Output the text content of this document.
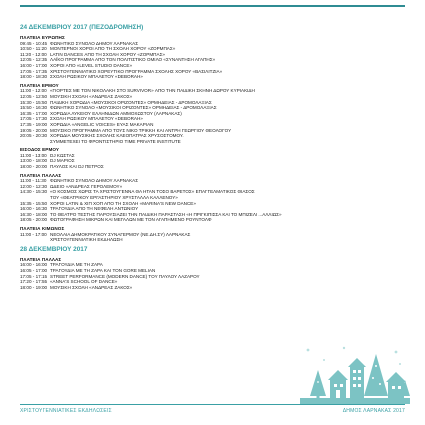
24 ΔΕΚΕΜΒΡΙΟΥ 2017 (ΠΕΖΟΔΡΟΜΗΣΗ)
ΠΛΑΤΕΙΑ ΕΥΡΩΠΗΣ
09:45 - 10:45 ΦΩΝΗΤΙΚΟ ΣΥΝΟΛΟ ΔΗΜΟΥ ΛΑΡΝΑΚΑΣ
10:50 - 11:20 ΜΟΝΤΕΡΝΟΙ ΧΟΡΟΙ ΑΠΟ ΤΗ ΣΧΟΛΗ ΧΟΡΟΥ «ΖΟΡΜΠΑΣ»
11:20 - 12:00 LATIN DANCES ΑΠΟ ΤΗ ΣΧΟΛΗ ΧΟΡΟΥ «ΖΟΡΜΠΑΣ»
12:05 - 12:35 ΛΑΪΚΟ ΠΡΟΓΡΑΜΜΑ ΑΠΟ ΤΟΝ ΠΟΛΙΤΙΣΤΙΚΟ ΟΜΙΛΟ «ΣΥΝΑΝΤΗΣΗ ΑΓΑΠΗΣ»
16:00 - 17:00 ΧΟΡΟΙ ΑΠΟ «LEVEL STUDIO DANCE»
17:05 - 17:35 ΧΡΙΣΤΟΥΓΕΝΝΙΑΤΙΚΟ ΧΟΡΕΥΤΙΚΟ ΠΡΟΓΡΑΜΜΑ ΣΧΟΛΗΣ ΧΟΡΟΥ «ΒΑΣΙΛΙΤΖΙΑ»
18:00 - 18:30 ΣΧΟΛΗ ΡΩΣΙΚΟΥ ΜΠΑΛΕΤΟΥ «DEBORAH»
ΠΛΑΤΕΙΑ ΕΡΜΟΥ
11:00 - 12:00 «ΓΙΟΡΤΕΣ ΜΕ ΤΟΝ ΝΙΚΟΛΑΚΗ ΣΤΟ SURVIVOR» ΑΠΟ ΤΗΝ ΠΑΙΔΙΚΗ ΣΚΗΝΗ ΔΩΡΟΥ ΚΥΡΙΑΚΙΔΗ
12:05 - 12:50 ΜΟΥΣΙΚΗ ΣΧΟΛΗ «ΑΝΔΡΕΑΣ ΖΑΚΟΣ»
15:30 - 15:50 ΠΑΙΔΙΚΗ ΧΟΡΩΔΙΑ «ΜΟΥΣΙΚΟΙ ΟΡΙΖΟΝΤΕΣ» ΟΡΜΗΔΕΙΑΣ - ΔΡΟΜΟΛΑΞΙΑΣ
15:50 - 16:30 ΦΩΝΗΤΙΚΟ ΣΥΝΟΛΟ «ΜΟΥΣΙΚΟΙ ΟΡΙΖΟΝΤΕΣ» ΟΡΜΗΔΕΙΑΣ - ΔΡΟΜΟΛΑΞΙΑΣ
16:35 - 17:00 ΧΟΡΩΔΙΑ ΛΥΚΕΙΟΥ ΕΛΛΗΝΙΔΩΝ ΑΜΜΟΧΩΣΤΟΥ (ΛΑΡΝΑΚΑΣ)
17:05 - 17:30 ΣΧΟΛΗ ΡΩΣΙΚΟΥ ΜΠΑΛΕΤΟΥ «DEBORAH»
17:35 - 19:00 ΧΟΡΩΔΙΑ «ANGELIC VOICES» ΕΥΑΣ ΜΑΚΑΡΙΑΝ
19:05 - 20:00 ΜΟΥΣΙΚΟ ΠΡΟΓΡΑΜΜΑ ΑΠΟ ΤΟΥΣ ΝΙΚΟ ΤΡΙΚΚΗ ΚΑΙ ΑΝΤΡΗ ΓΕΩΡΓΙΟΥ ΘΕΟΛΟΓΟΥ
20:05 - 20:30 ΧΟΡΩΔΙΑ ΜΟΥΣΙΚΗΣ ΣΧΟΛΗΣ ΚΛΕΟΠΑΤΡΑΣ ΧΡΥΣΟΣΤΟΜΟΥ.
ΣΥΜΜΕΤΕΧΕΙ ΤΟ ΦΡΟΝΤΙΣΤΗΡΙΟ TIME PRIVATE INSTITUTE
ΕΙΣΟΔΟΣ ΕΡΜΟΥ
11:00 - 13:00 DJ ΚΩΣΤΑΣ
13:00 - 18:00 DJ ΜΑΡΙΟΣ
18:00 - 20:00 ΠΑΥΛΟΣ ΚΑΙ DJ ΠΕΤΡΟΣ
ΠΛΑΤΕΙΑ ΠΑΛΛΑΣ
11:00 - 11:30 ΦΩΝΗΤΙΚΟ ΣΥΝΟΛΟ ΔΗΜΟΥ ΛΑΡΝΑΚΑΣ
12:00 - 12:30 ΩΔΕΙΟ «ΑΝΔΡΕΑΣ ΓΕΡΟΛΕΜΟΥ»
14:30 - 15:30 «Ο ΚΟΣΜΟΣ ΧΩΡΙΣ ΤΑ ΧΡΙΣΤΟΥΓΕΝΝΑ ΘΑ ΗΤΑΝ ΤΟΣΟ ΒΑΡΕΤΟΣ» ΕΠΑΓΓΕΛΜΑΤΙΚΟΣ ΘΙΑΣΟΣ
ΤΟΥ «ΘΕΑΤΡΙΚΟΥ ΕΡΓΑΣΤΗΡΙΟΥ ΧΡΥΣΤΑΛΛΑ ΚΑΛΛΕΝΟΥ»
15:35 - 15:50 ΧΟΡΟΙ LATIN & ΧΙΠ ΧΟΠ ΑΠΟ ΤΗ ΣΧΟΛΗ «MARINA'S NEW DANCE»
16:00 - 16:30 ΤΡΑΓΟΥΔΙΑ ΑΠΟ ΤΗ ΝΕΦΕΛΗ ΑΝΤΩΝΙΟΥ
16:30 - 18:00 ΤΟ ΘΕΑΤΡΟ ΤΕΣΤΗΣ ΠΑΡΟΥΣΙΑΖΕΙ ΤΗΝ ΠΑΙΔΙΚΗ ΠΑΡΑΣΤΑΣΗ «Η ΠΡΙΓΚΙΠΙΣΣΑ ΚΑΙ ΤΟ ΜΠΙΖΕΛΙ ...ΑΛΛΙΩΣ»
18:05 - 20:00 ΦΩΤΟΓΡΑΦΗΣΗ ΜΙΚΡΩΝ ΚΑΙ ΜΕΓΑΛΩΝ ΜΕ ΤΟΝ ΑΓΑΠΗΜΕΝΟ ΡΟΥΝΤΟΛΦ
ΠΛΑΤΕΙΑ ΚΙΜΩΝΟΣ
11:00 - 17:00 ΝΕΟΛΑΙΑ ΔΗΜΟΚΡΑΤΙΚΟΥ ΣΥΝΑΓΕΡΜΟΥ (ΝΕ.ΔΗ.ΣΥ) ΛΑΡΝΑΚΑΣ
ΧΡΙΣΤΟΥΓΕΝΝΙΑΤΙΚΗ ΕΚΔΗΛΩΣΗ
28 ΔΕΚΕΜΒΡΙΟΥ 2017
ΠΛΑΤΕΙΑ ΠΑΛΛΑΣ
16:00 - 16:00 ΤΡΑΓΟΥΔΙΑ ΜΕ ΤΗ ΖΑΡΑ
16:05 - 17:00 ΤΡΑΓΟΥΔΙΑ ΜΕ ΤΗ ΖΑΡΑ ΚΑΙ ΤΟΝ GORE MELIAN
17:05 - 17:15 STREET PERFORMANCE (MODERN DANCE) ΤΟΥ ΠΑΥΛΟΥ ΛΑΖΑΡΟΥ
17:20 - 17:55 «ANNA'S SCHOOL OF DANCE»
18:00 - 19:00 ΜΟΥΣΙΚΗ ΣΧΟΛΗ «ΑΝΔΡΕΑΣ ΖΑΚΟΣ»
ΧΡΙΣΤΟΥΓΕΝΝΙΑΤΙΚΕΣ ΕΚΔΗΛΩΣΕΙΣ	ΔΗΜΟΣ ΛΑΡΝΑΚΑΣ 2017
